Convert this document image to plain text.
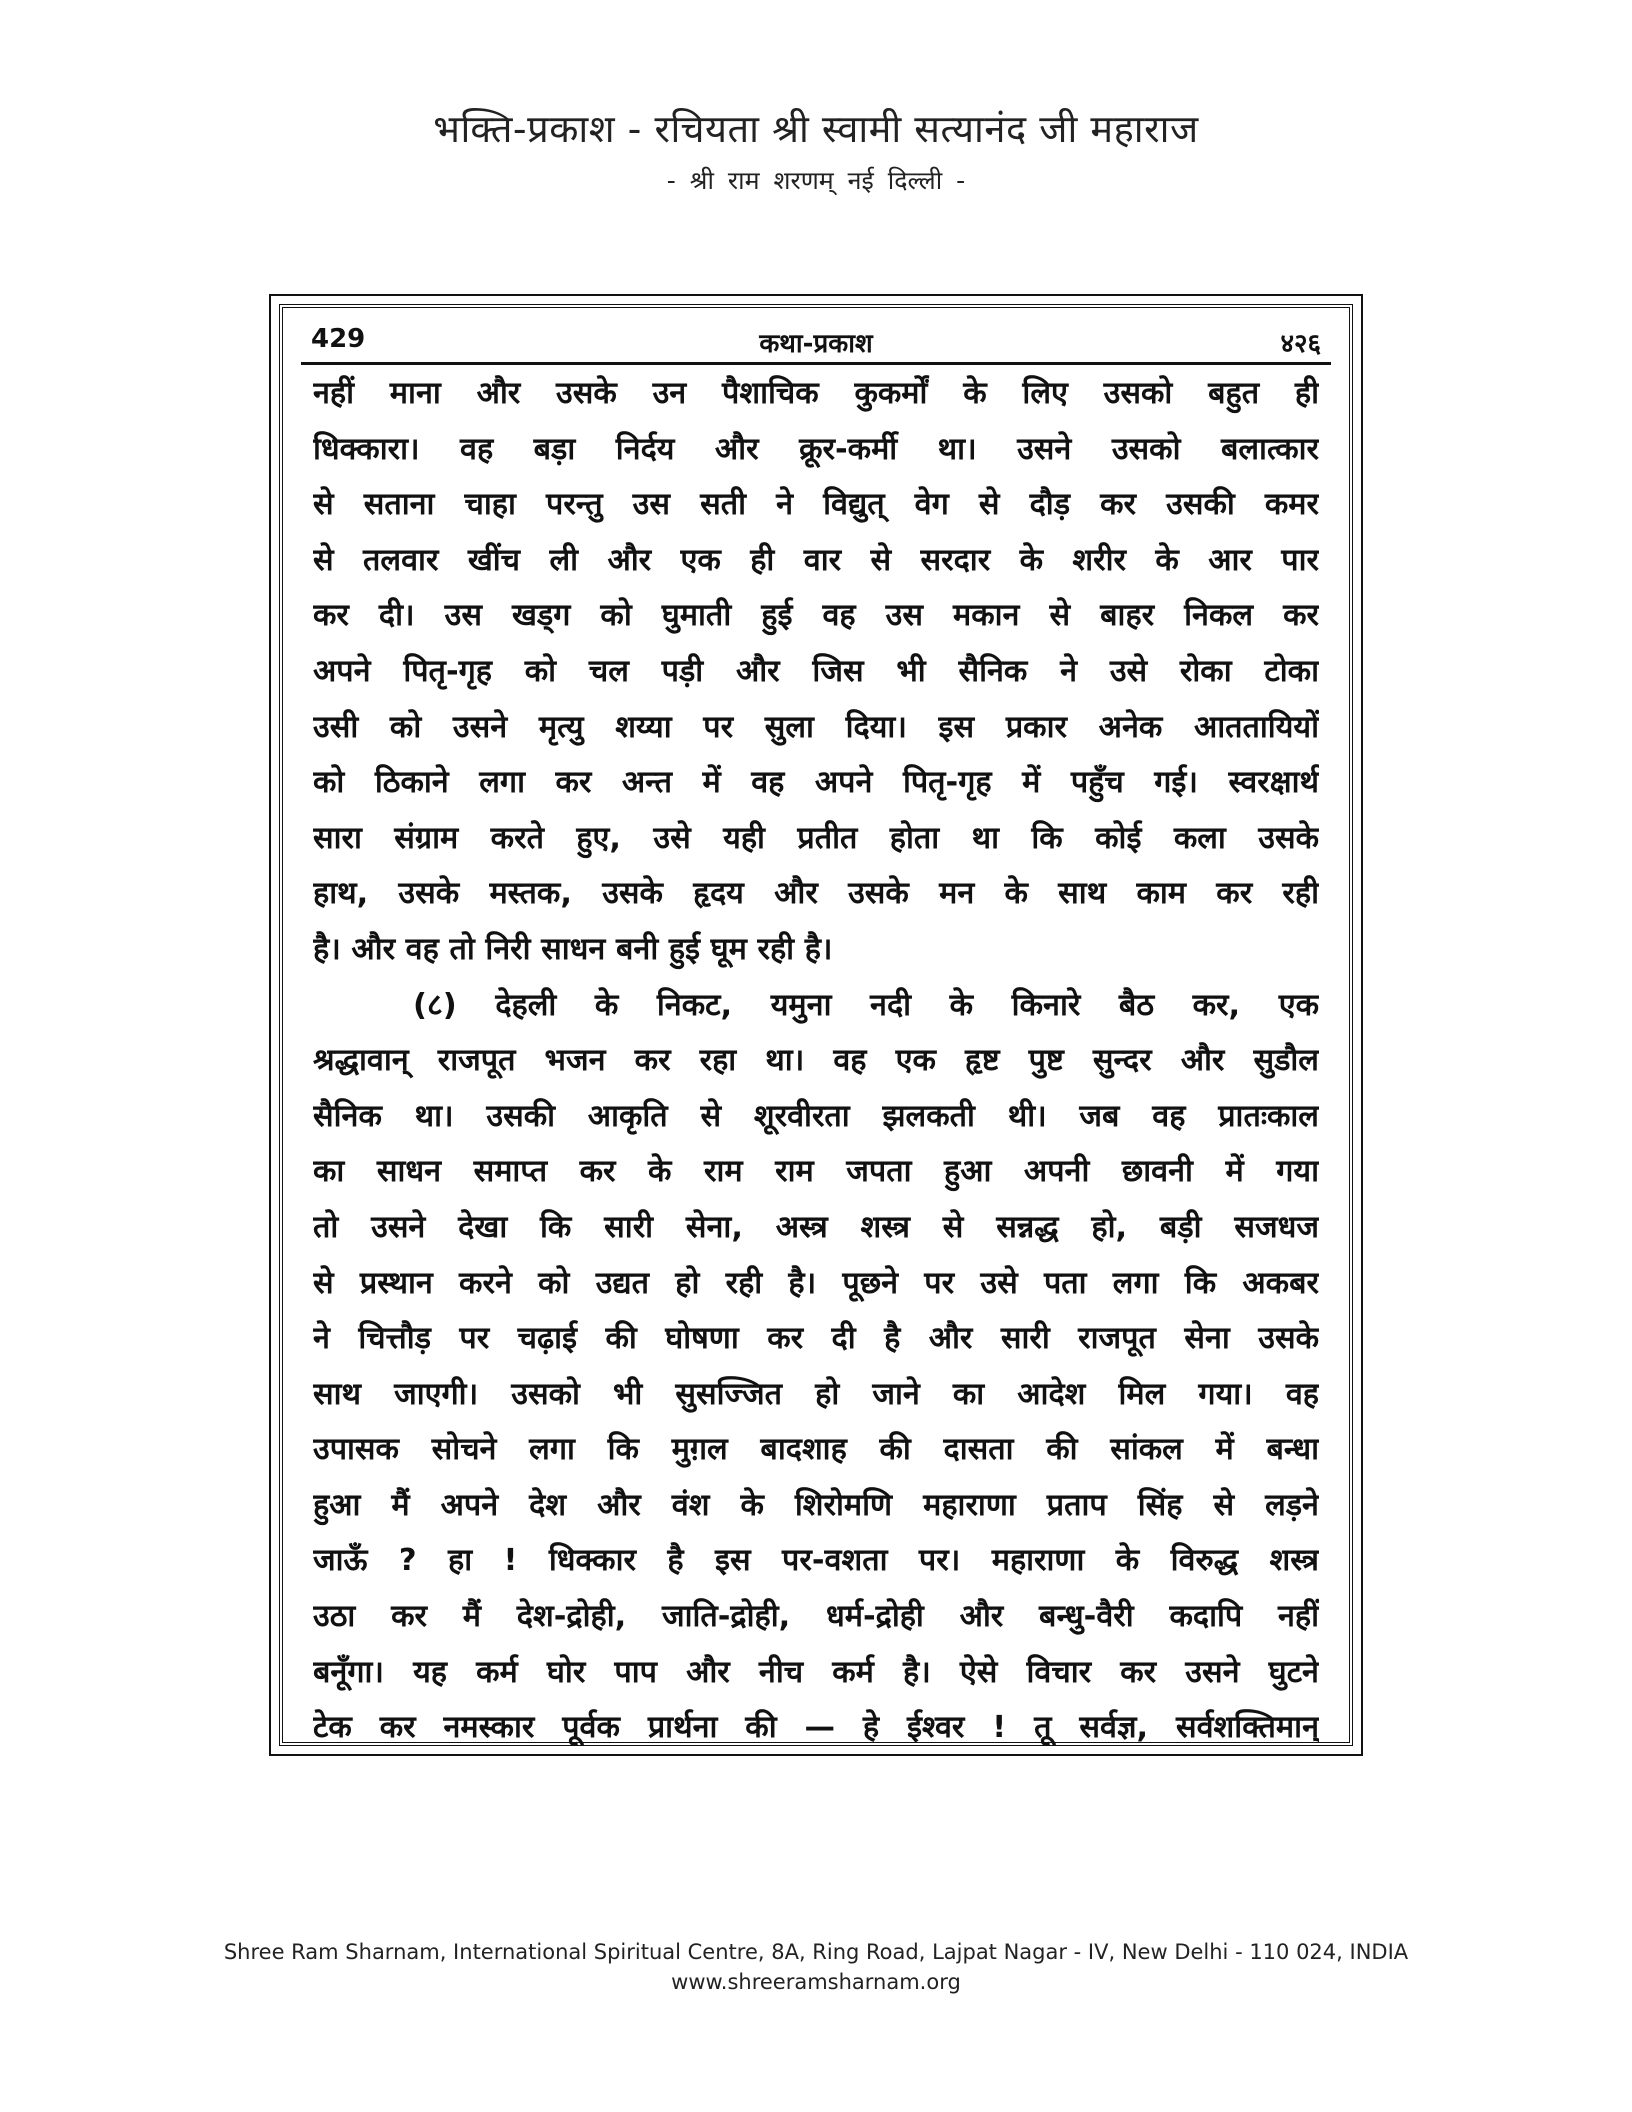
भक्ति-प्रकाश - रचियता श्री स्वामी सत्यानंद जी महाराज
- श्री राम शरणम् नई दिल्ली -
कथा-प्रकाश
429	४२६
नहीं माना और उसके उन पैशाचिक कुकर्मों के लिए उसको बहुत ही
धिक्कारा। वह बड़ा निर्दय और क्रूर-कर्मी था। उसने उसको बलात्कार
से सताना चाहा परन्तु उस सती ने विद्युत् वेग से दौड़ कर उसकी कमर
से तलवार खींच ली और एक ही वार से सरदार के शरीर के आर पार
कर दी। उस खड्ग को घुमाती हुई वह उस मकान से बाहर निकल कर
अपने पितृ-गृह को चल पड़ी और जिस भी सैनिक ने उसे रोका टोका
उसी को उसने मृत्यु शय्या पर सुला दिया। इस प्रकार अनेक आततायियों
को ठिकाने लगा कर अन्त में वह अपने पितृ-गृह में पहुँच गई। स्वरक्षार्थ
सारा संग्राम करते हुए, उसे यही प्रतीत होता था कि कोई कला उसके
हाथ, उसके मस्तक, उसके हृदय और उसके मन के साथ काम कर रही
है। और वह तो निरी साधन बनी हुई घूम रही है।
(८) देहली के निकट, यमुना नदी के किनारे बैठ कर, एक
श्रद्धावान् राजपूत भजन कर रहा था। वह एक हृष्ट पुष्ट सुन्दर और सुडौल
सैनिक था। उसकी आकृति से शूरवीरता झलकती थी। जब वह प्रातःकाल
का साधन समाप्त कर के राम राम जपता हुआ अपनी छावनी में गया
तो उसने देखा कि सारी सेना, अस्त्र शस्त्र से सन्नद्ध हो, बड़ी सजधज
से प्रस्थान करने को उद्यत हो रही है। पूछने पर उसे पता लगा कि अकबर
ने चित्तौड़ पर चढ़ाई की घोषणा कर दी है और सारी राजपूत सेना उसके
साथ जाएगी। उसको भी सुसज्जित हो जाने का आदेश मिल गया। वह
उपासक सोचने लगा कि मुग़ल बादशाह की दासता की सांकल में बन्धा
हुआ मैं अपने देश और वंश के शिरोमणि महाराणा प्रताप सिंह से लड़ने
जाऊँ ? हा ! धिक्कार है इस पर-वशता पर। महाराणा के विरुद्ध शस्त्र
उठा कर मैं देश-द्रोही, जाति-द्रोही, धर्म-द्रोही और बन्धु-वैरी कदापि नहीं
बनूँगा। यह कर्म घोर पाप और नीच कर्म है। ऐसे विचार कर उसने घुटने
टेक कर नमस्कार पूर्वक प्रार्थना की — हे ईश्वर ! तू सर्वज्ञ, सर्वशक्तिमान्
Shree Ram Sharnam, International Spiritual Centre, 8A, Ring Road, Lajpat Nagar - IV, New Delhi - 110 024, INDIA
www.shreeramsharnam.org
